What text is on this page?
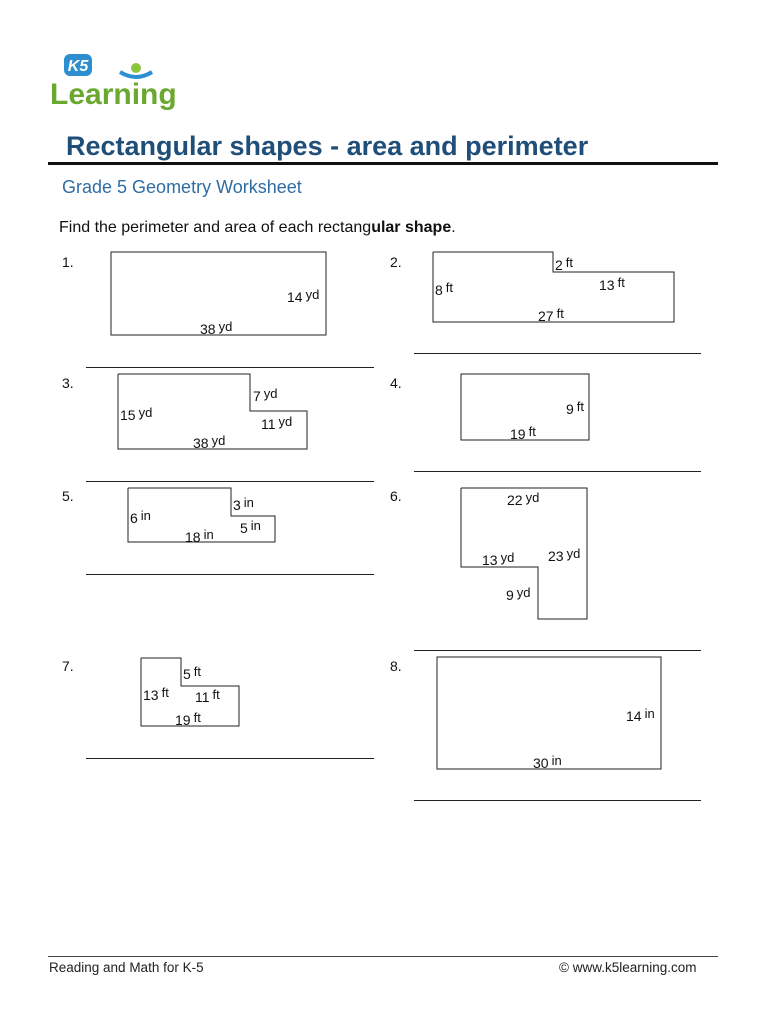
K5
Learning
Rectangular shapes - area and perimeter
Grade 5 Geometry Worksheet
Find the perimeter and area of each rectangular shape.
1.	2.
3.	4.
5.	6.
7.	8.
14 yd
38 yd
2 ft
8 ft	13 ft
27 ft
7 yd
15 yd
11 yd
38 yd
9 ft
19 ft
3 in
6 in
5 in
18 in
22 yd
13 yd 23 yd
9 yd
5 ft
13 ft 11 ft
19 ft	14 in
30 in
Reading and Math for K-5	© www.k5learning.com
